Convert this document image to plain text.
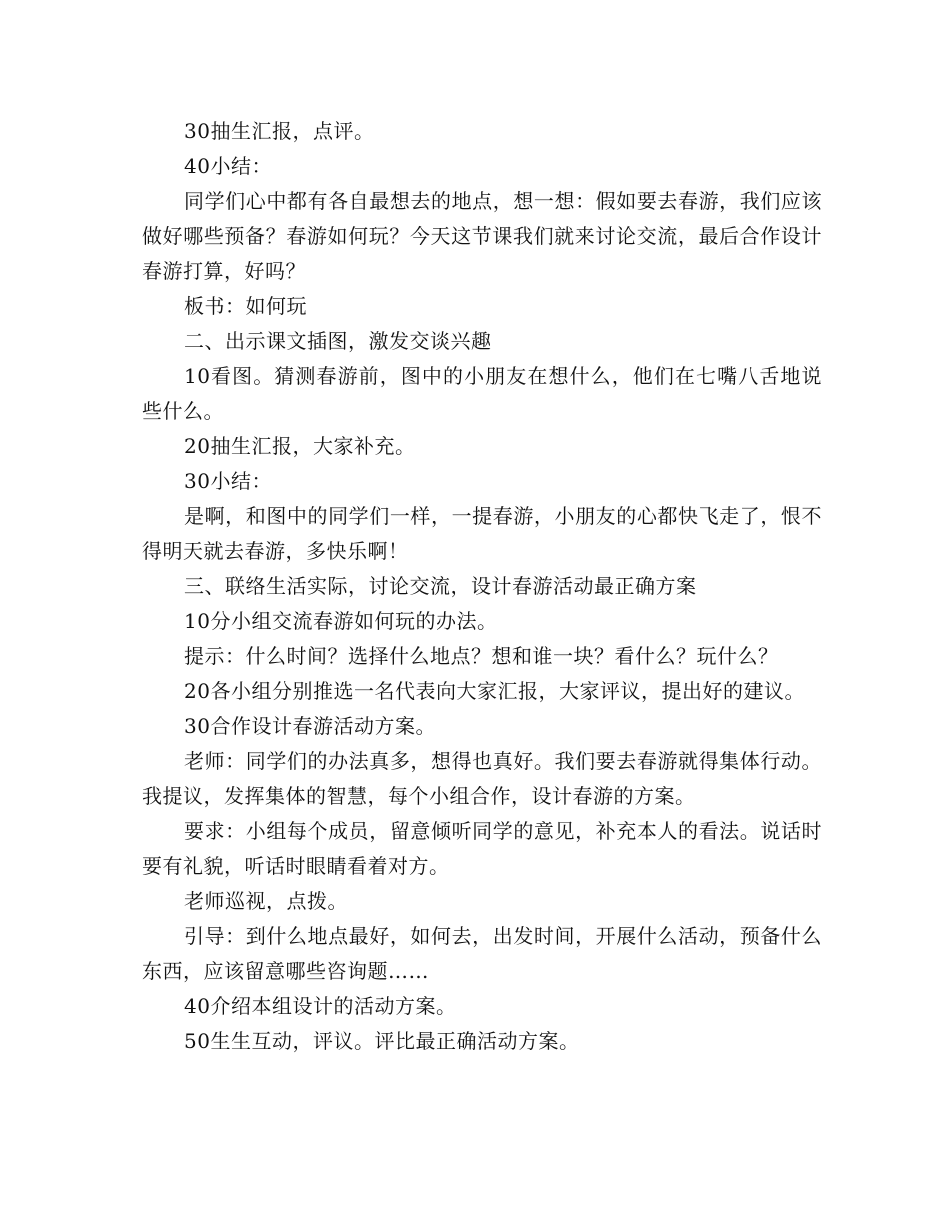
30抽生汇报，点评。

40小结：

同学们心中都有各自最想去的地点，想一想：假如要去春游，我们应该做好哪些预备？春游如何玩？今天这节课我们就来讨论交流，最后合作设计春游打算，好吗？

板书：如何玩

二、出示课文插图，激发交谈兴趣

10看图。猜测春游前，图中的小朋友在想什么，他们在七嘴八舌地说些什么。

20抽生汇报，大家补充。

30小结：

是啊，和图中的同学们一样，一提春游，小朋友的心都快飞走了，恨不得明天就去春游，多快乐啊！

三、联络生活实际，讨论交流，设计春游活动最正确方案

10分小组交流春游如何玩的办法。

提示：什么时间？选择什么地点？想和谁一块？看什么？玩什么？

20各小组分别推选一名代表向大家汇报，大家评议，提出好的建议。

30合作设计春游活动方案。

老师：同学们的办法真多，想得也真好。我们要去春游就得集体行动。我提议，发挥集体的智慧，每个小组合作，设计春游的方案。

要求：小组每个成员，留意倾听同学的意见，补充本人的看法。说话时要有礼貌，听话时眼睛看着对方。

老师巡视，点拨。

引导：到什么地点最好，如何去，出发时间，开展什么活动，预备什么东西，应该留意哪些咨询题……

40介绍本组设计的活动方案。

50生生互动，评议。评比最正确活动方案。
